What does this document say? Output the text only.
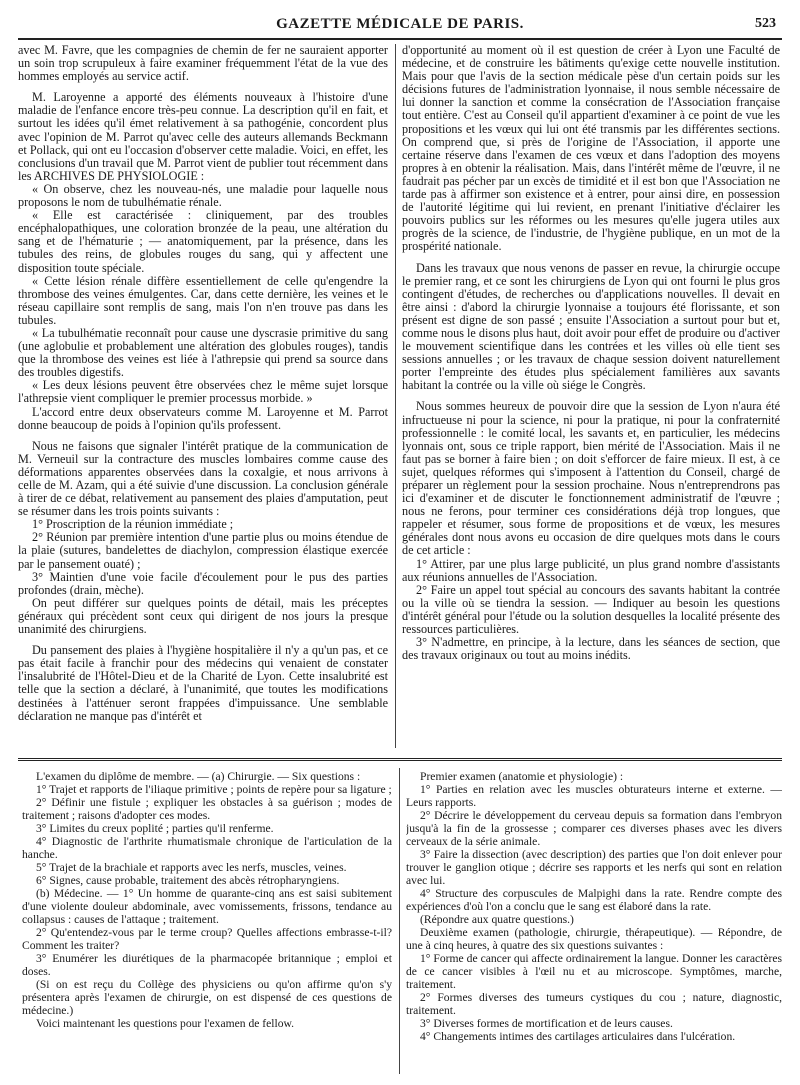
GAZETTE MÉDICALE DE PARIS.	523

avec M. Favre, que les compagnies de chemin de fer ne sauraient apporter un soin trop scrupuleux à faire examiner fréquemment l'état de la vue des hommes employés au service actif.

M. Laroyenne a apporté des éléments nouveaux à l'histoire d'une maladie de l'enfance encore très-peu connue. La description qu'il en fait, et surtout les idées qu'il émet relativement à sa pathogénie, concordent plus avec l'opinion de M. Parrot qu'avec celle des auteurs allemands Beckmann et Pollack, qui ont eu l'occasion d'observer cette maladie. Voici, en effet, les conclusions d'un travail que M. Parrot vient de publier tout récemment dans les ARCHIVES DE PHYSIOLOGIE :

« On observe, chez les nouveau-nés, une maladie pour laquelle nous proposons le nom de tubulhématie rénale.

« Elle est caractérisée : cliniquement, par des troubles encéphalopathiques, une coloration bronzée de la peau, une altération du sang et de l'hématurie ; — anatomiquement, par la présence, dans les tubules des reins, de globules rouges du sang, qui y affectent une disposition toute spéciale.

« Cette lésion rénale diffère essentiellement de celle qu'engendre la thrombose des veines émulgentes. Car, dans cette dernière, les veines et le réseau capillaire sont remplis de sang, mais l'on n'en trouve pas dans les tubules.

« La tubulhématie reconnaît pour cause une dyscrasie primitive du sang (une aglobulie et probablement une altération des globules rouges), tandis que la thrombose des veines est liée à l'athrepsie qui prend sa source dans des troubles digestifs.

« Les deux lésions peuvent être observées chez le même sujet lorsque l'athrepsie vient compliquer le premier processus morbide. »

L'accord entre deux observateurs comme M. Laroyenne et M. Parrot donne beaucoup de poids à l'opinion qu'ils professent.

Nous ne faisons que signaler l'intérêt pratique de la communication de M. Verneuil sur la contracture des muscles lombaires comme cause des déformations apparentes observées dans la coxalgie, et nous arrivons à celle de M. Azam, qui a été suivie d'une discussion. La conclusion générale à tirer de ce débat, relativement au pansement des plaies d'amputation, peut se résumer dans les trois points suivants :

1° Proscription de la réunion immédiate ;

2° Réunion par première intention d'une partie plus ou moins étendue de la plaie (sutures, bandelettes de diachylon, compression élastique exercée par le pansement ouaté) ;

3° Maintien d'une voie facile d'écoulement pour le pus des parties profondes (drain, mèche).

On peut différer sur quelques points de détail, mais les préceptes généraux qui précèdent sont ceux qui dirigent de nos jours la presque unanimité des chirurgiens.

Du pansement des plaies à l'hygiène hospitalière il n'y a qu'un pas, et ce pas était facile à franchir pour des médecins qui venaient de constater l'insalubrité de l'Hôtel-Dieu et de la Charité de Lyon. Cette insalubrité est telle que la section a déclaré, à l'unanimité, que toutes les modifications destinées à l'atténuer seront frappées d'impuissance. Une semblable déclaration ne manque pas d'intérêt et

d'opportunité au moment où il est question de créer à Lyon une Faculté de médecine, et de construire les bâtiments qu'exige cette nouvelle institution. Mais pour que l'avis de la section médicale pèse d'un certain poids sur les décisions futures de l'administration lyonnaise, il nous semble nécessaire de lui donner la sanction et comme la consécration de l'Association française tout entière. C'est au Conseil qu'il appartient d'examiner à ce point de vue les propositions et les vœux qui lui ont été transmis par les différentes sections. On comprend que, si près de l'origine de l'Association, il apporte une certaine réserve dans l'examen de ces vœux et dans l'adoption des moyens propres à en obtenir la réalisation. Mais, dans l'intérêt même de l'œuvre, il ne faudrait pas pécher par un excès de timidité et il est bon que l'Association ne tarde pas à affirmer son existence et à entrer, pour ainsi dire, en possession de l'autorité légitime qui lui revient, en prenant l'initiative d'éclairer les pouvoirs publics sur les réformes ou les mesures qu'elle jugera utiles aux progrès de la science, de l'industrie, de l'hygiène publique, en un mot de la prospérité nationale.

Dans les travaux que nous venons de passer en revue, la chirurgie occupe le premier rang, et ce sont les chirurgiens de Lyon qui ont fourni le plus gros contingent d'études, de recherches ou d'applications nouvelles. Il devait en être ainsi : d'abord la chirurgie lyonnaise a toujours été florissante, et son présent est digne de son passé ; ensuite l'Association a surtout pour but et, comme nous le disons plus haut, doit avoir pour effet de produire ou d'activer le mouvement scientifique dans les contrées et les villes où elle tient ses sessions annuelles ; or les travaux de chaque session doivent naturellement porter l'empreinte des études plus spécialement familières aux savants habitant la contrée ou la ville où siége le Congrès.

Nous sommes heureux de pouvoir dire que la session de Lyon n'aura été infructueuse ni pour la science, ni pour la pratique, ni pour la confraternité professionnelle : le comité local, les savants et, en particulier, les médecins lyonnais ont, sous ce triple rapport, bien mérité de l'Association. Mais il ne faut pas se borner à faire bien ; on doit s'efforcer de faire mieux. Il est, à ce sujet, quelques réformes qui s'imposent à l'attention du Conseil, chargé de préparer un règlement pour la session prochaine. Nous n'entreprendrons pas ici d'examiner et de discuter le fonctionnement administratif de l'œuvre ; nous ne ferons, pour terminer ces considérations déjà trop longues, que rappeler et résumer, sous forme de propositions et de vœux, les mesures générales dont nous avons eu occasion de dire quelques mots dans le cours de cet article :

1° Attirer, par une plus large publicité, un plus grand nombre d'assistants aux réunions annuelles de l'Association.

2° Faire un appel tout spécial au concours des savants habitant la contrée ou la ville où se tiendra la session. — Indiquer au besoin les questions d'intérêt général pour l'étude ou la solution desquelles la localité présente des ressources particulières.

3° N'admettre, en principe, à la lecture, dans les séances de section, que des travaux originaux ou tout au moins inédits.

L'examen du diplôme de membre. — (a) Chirurgie. — Six questions :

1° Trajet et rapports de l'iliaque primitive ; points de repère pour sa ligature ;

2° Définir une fistule ; expliquer les obstacles à sa guérison ; modes de traitement ; raisons d'adopter ces modes.

3° Limites du creux poplité ; parties qu'il renferme.

4° Diagnostic de l'arthrite rhumatismale chronique de l'articulation de la hanche.

5° Trajet de la brachiale et rapports avec les nerfs, muscles, veines.

6° Signes, cause probable, traitement des abcès rétropharyngiens.

(b) Médecine. — 1° Un homme de quarante-cinq ans est saisi subitement d'une violente douleur abdominale, avec vomissements, frissons, tendance au collapsus : causes de l'attaque ; traitement.

2° Qu'entendez-vous par le terme croup? Quelles affections embrasse-t-il? Comment les traiter?

3° Enumérer les diurétiques de la pharmacopée britannique ; emploi et doses.

(Si on est reçu du Collège des physiciens ou qu'on affirme qu'on s'y présentera après l'examen de chirurgie, on est dispensé de ces questions de médecine.)

Voici maintenant les questions pour l'examen de fellow.

Premier examen (anatomie et physiologie) :

1° Parties en relation avec les muscles obturateurs interne et externe. — Leurs rapports.

2° Décrire le développement du cerveau depuis sa formation dans l'embryon jusqu'à la fin de la grossesse ; comparer ces diverses phases avec les divers cerveaux de la série animale.

3° Faire la dissection (avec description) des parties que l'on doit enlever pour trouver le ganglion otique ; décrire ses rapports et les nerfs qui sont en relation avec lui.

4° Structure des corpuscules de Malpighi dans la rate. Rendre compte des expériences d'où l'on a conclu que le sang est élaboré dans la rate.

(Répondre aux quatre questions.)

Deuxième examen (pathologie, chirurgie, thérapeutique). — Répondre, de une à cinq heures, à quatre des six questions suivantes :

1° Forme de cancer qui affecte ordinairement la langue. Donner les caractères de ce cancer visibles à l'œil nu et au microscope. Symptômes, marche, traitement.

2° Formes diverses des tumeurs cystiques du cou ; nature, diagnostic, traitement.

3° Diverses formes de mortification et de leurs causes.

4° Changements intimes des cartilages articulaires dans l'ulcération.
